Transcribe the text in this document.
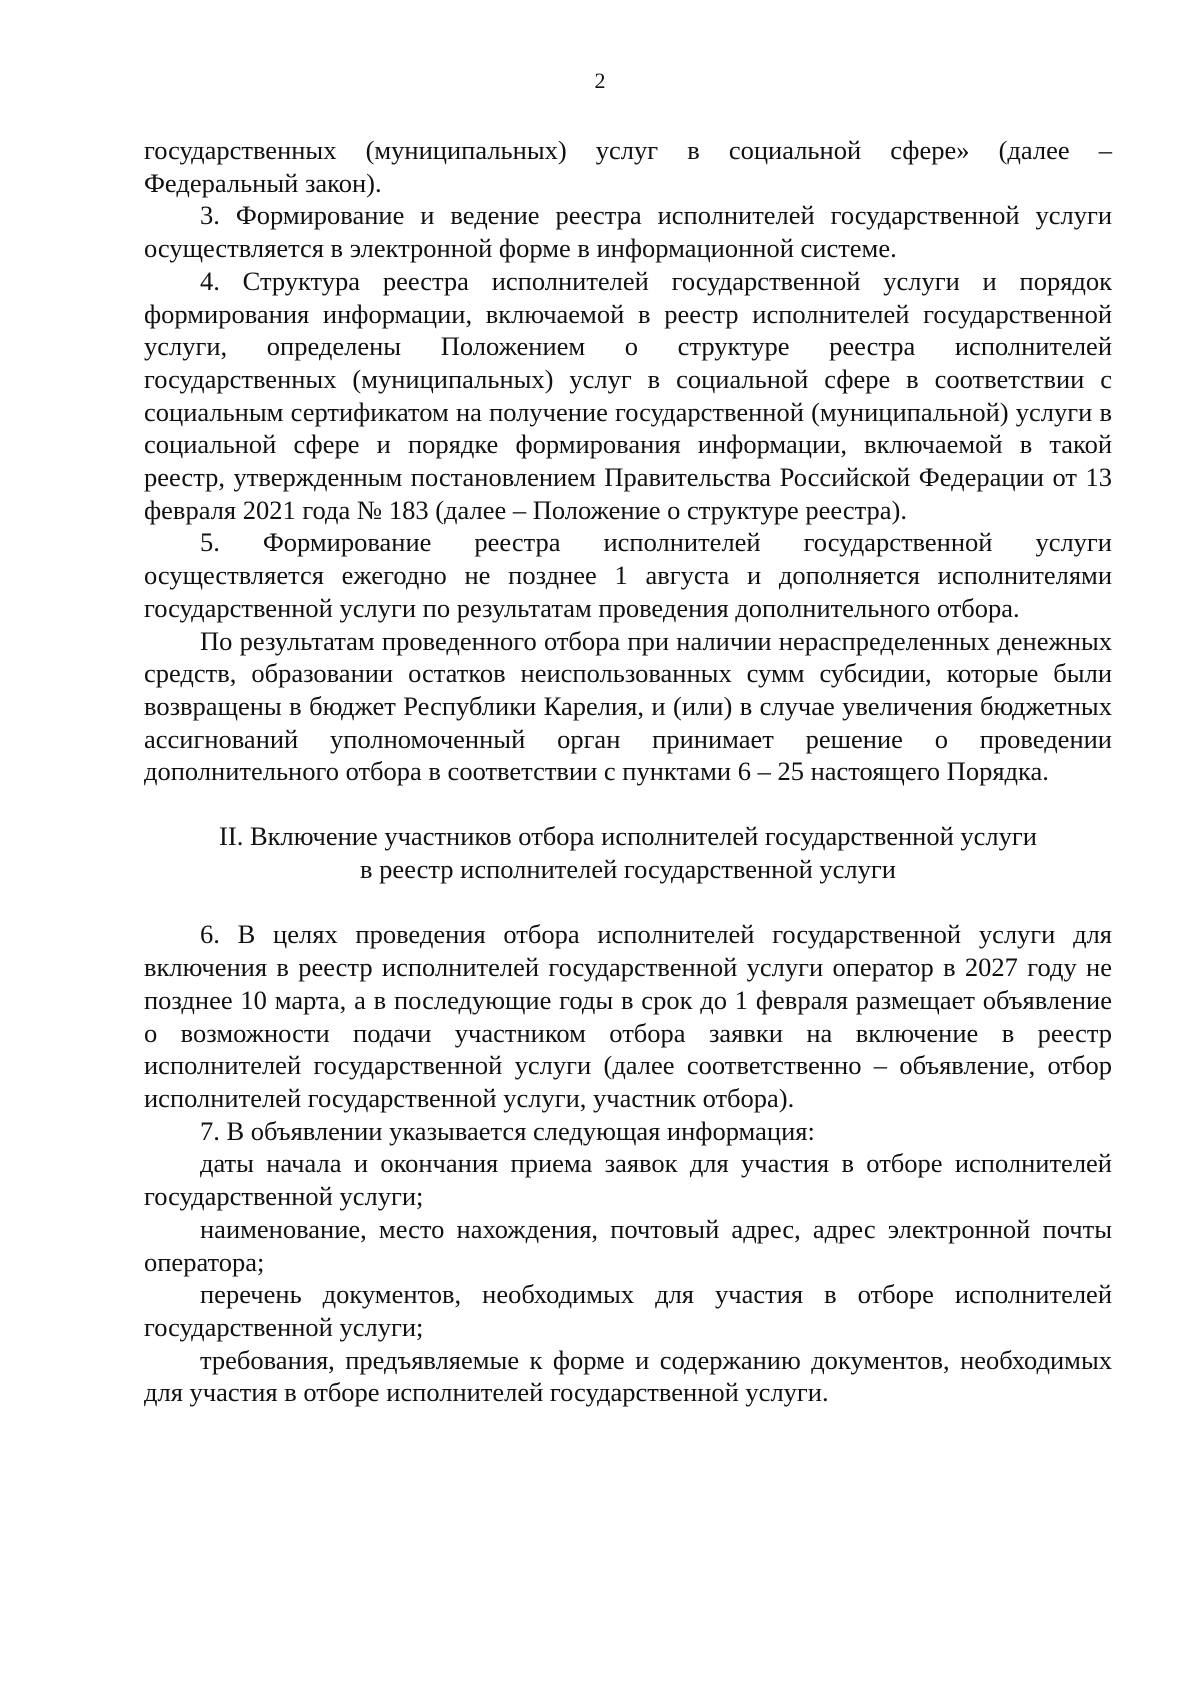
2

государственных (муниципальных) услуг в социальной сфере» (далее – Федеральный закон).

3. Формирование и ведение реестра исполнителей государственной услуги осуществляется в электронной форме в информационной системе.

4. Структура реестра исполнителей государственной услуги и порядок формирования информации, включаемой в реестр исполнителей государственной услуги, определены Положением о структуре реестра исполнителей государственных (муниципальных) услуг в социальной сфере в соответствии с социальным сертификатом на получение государственной (муниципальной) услуги в социальной сфере и порядке формирования информации, включаемой в такой реестр, утвержденным постановлением Правительства Российской Федерации от 13 февраля 2021 года № 183 (далее – Положение о структуре реестра).

5. Формирование реестра исполнителей государственной услуги осуществляется ежегодно не позднее 1 августа и дополняется исполнителями государственной услуги по результатам проведения дополнительного отбора.

По результатам проведенного отбора при наличии нераспределенных денежных средств, образовании остатков неиспользованных сумм субсидии, которые были возвращены в бюджет Республики Карелия, и (или) в случае увеличения бюджетных ассигнований уполномоченный орган принимает решение о проведении дополнительного отбора в соответствии с пунктами 6 – 25 настоящего Порядка.

II. Включение участников отбора исполнителей государственной услуги
в реестр исполнителей государственной услуги

6. В целях проведения отбора исполнителей государственной услуги для включения в реестр исполнителей государственной услуги оператор в 2027 году не позднее 10 марта, а в последующие годы в срок до 1 февраля размещает объявление о возможности подачи участником отбора заявки на включение в реестр исполнителей государственной услуги (далее соответственно – объявление, отбор исполнителей государственной услуги, участник отбора).

7. В объявлении указывается следующая информация:

даты начала и окончания приема заявок для участия в отборе исполнителей государственной услуги;

наименование, место нахождения, почтовый адрес, адрес электронной почты оператора;

перечень документов, необходимых для участия в отборе исполнителей государственной услуги;

требования, предъявляемые к форме и содержанию документов, необходимых для участия в отборе исполнителей государственной услуги.
